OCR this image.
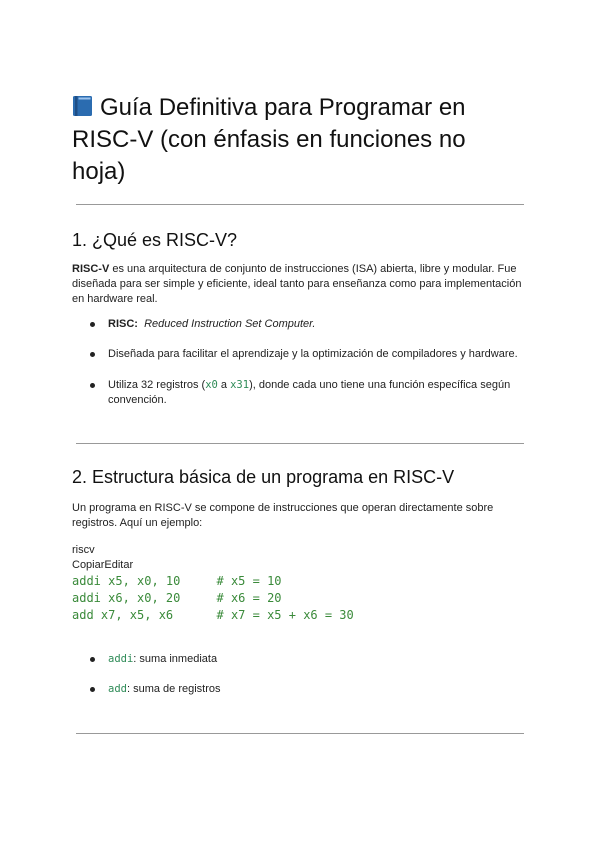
Guía Definitiva para Programar en RISC-V (con énfasis en funciones no hoja)
1. ¿Qué es RISC-V?

RISC-V es una arquitectura de conjunto de instrucciones (ISA) abierta, libre y modular. Fue diseñada para ser simple y eficiente, ideal tanto para enseñanza como para implementación en hardware real.

RISC: Reduced Instruction Set Computer.
Diseñada para facilitar el aprendizaje y la optimización de compiladores y hardware.
Utiliza 32 registros (x0 a x31), donde cada uno tiene una función específica según convención.
2. Estructura básica de un programa en RISC-V

Un programa en RISC-V se compone de instrucciones que operan directamente sobre registros. Aquí un ejemplo:

riscv
CopiarEditar
addi x5, x0, 10     # x5 = 10
addi x6, x0, 20     # x6 = 20
add x7, x5, x6      # x7 = x5 + x6 = 30
addi: suma inmediata
add: suma de registros
